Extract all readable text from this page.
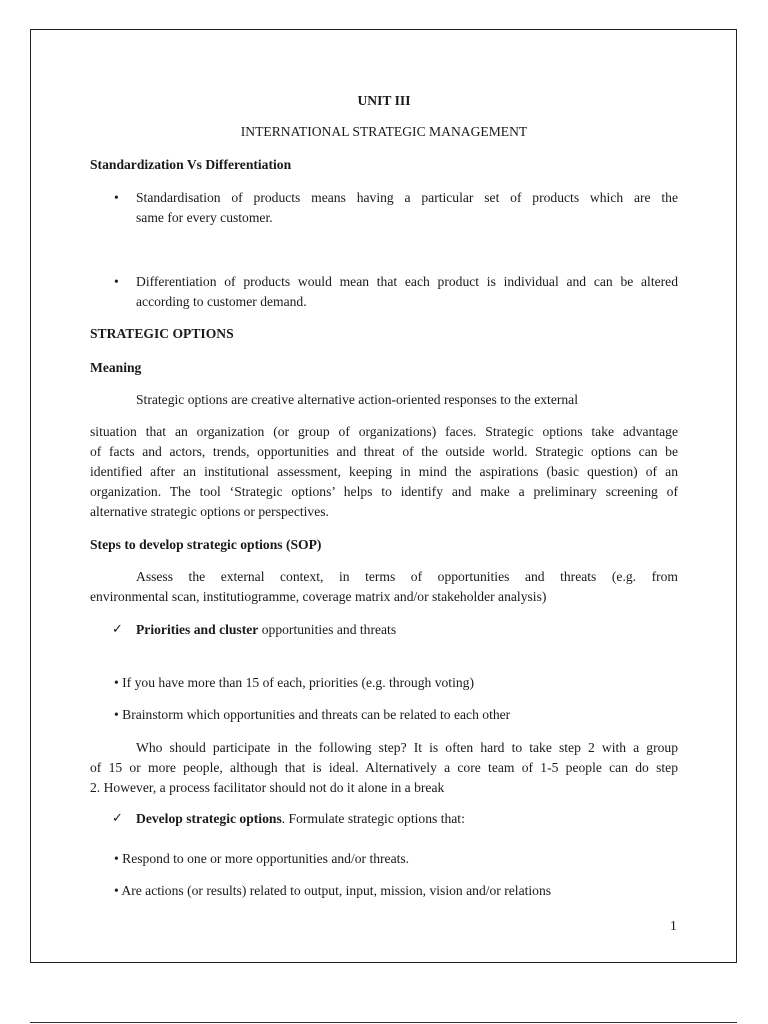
UNIT III
INTERNATIONAL STRATEGIC MANAGEMENT
Standardization Vs Differentiation
• Standardisation of products means having a particular set of products which are the
same for every customer.
• Differentiation of products would mean that each product is individual and can be altered
according to customer demand.
STRATEGIC OPTIONS
Meaning
Strategic options are creative alternative action-oriented responses to the external
situation that an organization (or group of organizations) faces. Strategic options take advantage
of facts and actors, trends, opportunities and threat of the outside world. Strategic options can be
identified after an institutional assessment, keeping in mind the aspirations (basic question) of an
organization. The tool ‘Strategic options’ helps to identify and make a preliminary screening of
alternative strategic options or perspectives.
Steps to develop strategic options (SOP)
Assess the external context, in terms of opportunities and threats (e.g. from
environmental scan, institutiogramme, coverage matrix and/or stakeholder analysis)
✓ Priorities and cluster opportunities and threats
• If you have more than 15 of each, priorities (e.g. through voting)
• Brainstorm which opportunities and threats can be related to each other
Who should participate in the following step? It is often hard to take step 2 with a group
of 15 or more people, although that is ideal. Alternatively a core team of 1-5 people can do step
2. However, a process facilitator should not do it alone in a break
✓ Develop strategic options. Formulate strategic options that:
• Respond to one or more opportunities and/or threats.
• Are actions (or results) related to output, input, mission, vision and/or relations
1
